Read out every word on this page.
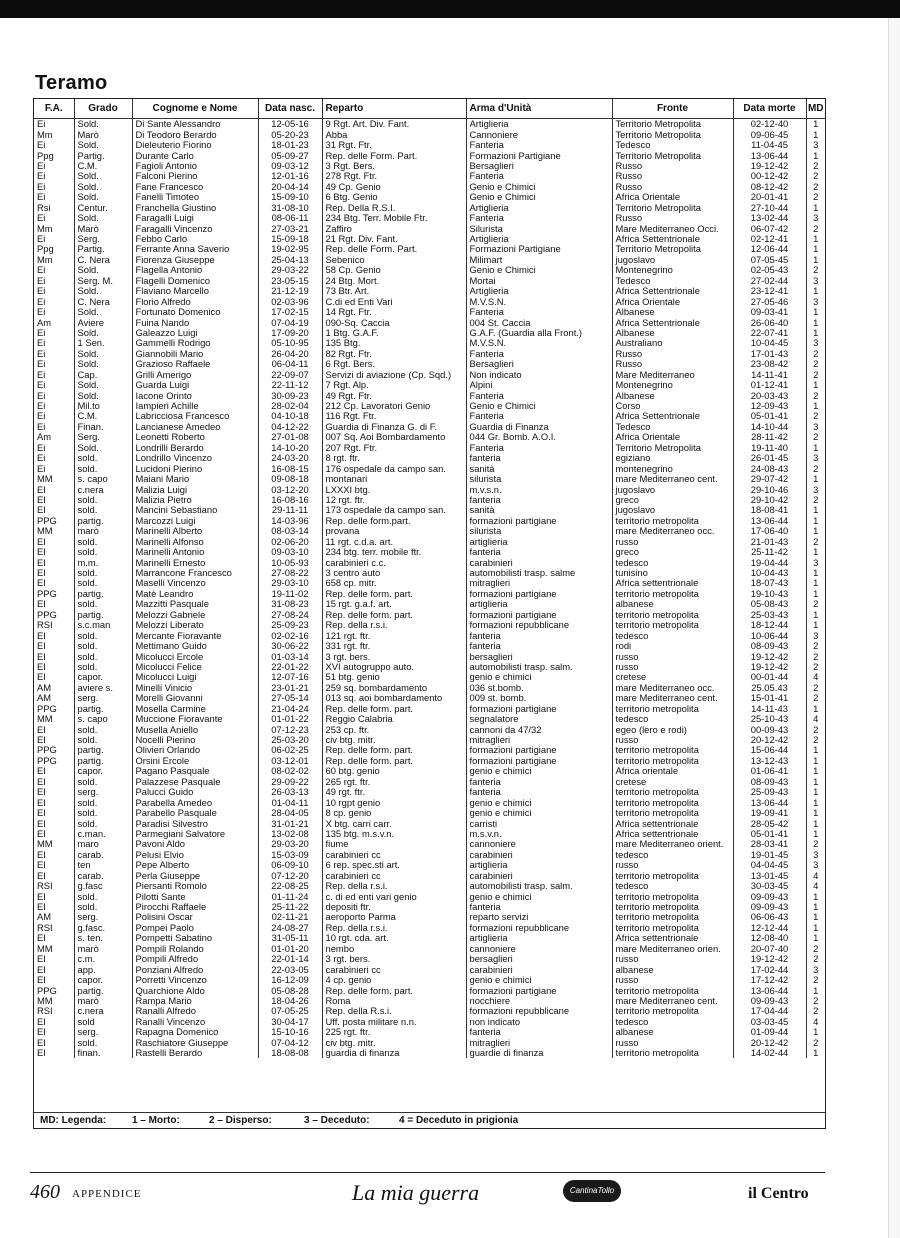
Teramo
F.A.	Grado	Cognome e Nome	Data nasc.	Reparto	Arma d'Unità	Fronte	Data morte	MD
Ei	Sold.	Di Sante Alessandro	12-05-16	9 Rgt. Art. Div. Fant.	Artiglieria	Territorio Metropolita	02-12-40	1
Mm	Marò	Di Teodoro Berardo	05-20-23	Abba	Cannoniere	Territorio Metropolita	09-06-45	1
Ei	Sold.	Dieleuterio Fiorino	18-01-23	31 Rgt. Ftr.	Fanteria	Tedesco	11-04-45	3
Ppg	Partig.	Durante Carlo	05-09-27	Rep. delle Form. Part.	Formazioni Partigiane	Territorio Metropolita	13-06-44	1
Ei	C.M.	Fagioli Antonio	09-03-12	3 Rgt. Bers.	Bersaglieri	Russo	19-12-42	2
Ei	Sold.	Falconi Pierino	12-01-16	278 Rgt. Ftr.	Fanteria	Russo	00-12-42	2
Ei	Sold.	Fane Francesco	20-04-14	49 Cp. Genio	Genio e Chimici	Russo	08-12-42	2
Ei	Sold.	Fanelli Timoteo	15-09-10	6 Btg. Genio	Genio e Chimici	Africa Orientale	20-01-41	2
Rsi	Centur.	Franchella Giustino	31-08-10	Rep. Della R.S.I.	Artiglieria	Territorio Metropolita	27-10-44	1
Ei	Sold.	Faragalli Luigi	08-06-11	234 Btg. Terr. Mobile Ftr.	Fanteria	Russo	13-02-44	3
Mm	Marò	Faragalli Vincenzo	27-03-21	Zaffiro	Silurista	Mare Mediterraneo Occi.	06-07-42	2
Ei	Serg.	Febbo Carlo	15-09-18	21 Rgt. Div. Fant.	Artiglieria	Africa Settentrionale	02-12-41	1
Ppg	Partig.	Ferrante Anna Saverio	19-02-95	Rep. delle Form. Part.	Formazioni Partigiane	Territorio Metropolita	12-06-44	1
Mm	C. Nera	Fiorenza Giuseppe	25-04-13	Sebenico	Milimart	jugoslavo	07-05-45	1
Ei	Sold.	Flagella Antonio	29-03-22	58 Cp. Genio	Genio e Chimici	Montenegrino	02-05-43	2
Ei	Serg. M.	Flagelli Domenico	23-05-15	24 Btg. Mort.	Mortai	Tedesco	27-02-44	3
Ei	Sold.	Flaviano Marcello	21-12-19	73 Btr. Art.	Artiglieria	Africa Settentrionale	23-12-41	1
Ei	C. Nera	Florio Alfredo	02-03-96	C.di ed Enti Vari	M.V.S.N.	Africa Orientale	27-05-46	3
Ei	Sold.	Fortunato Domenico	17-02-15	14 Rgt. Ftr.	Fanteria	Albanese	09-03-41	1
Am	Aviere	Fuina Nando	07-04-19	090-Sq. Caccia	004 St. Caccia	Africa Settentrionale	26-06-40	1
Ei	Sold.	Galeazzo Luigi	17-09-20	1 Btg. G.A.F.	G.A.F. (Guardia alla Front.)	Albanese	22-07-41	1
Ei	1 Sen.	Gammelli Rodrigo	05-10-95	135 Btg.	M.V.S.N.	Australiano	10-04-45	3
Ei	Sold.	Giannobili Mario	26-04-20	82 Rgt. Ftr.	Fanteria	Russo	17-01-43	2
Ei	Sold.	Grazioso Raffaele	06-04-11	6 Rgt. Bers.	Bersaglieri	Russo	23-08-42	2
Ei	Cap.	Grilli Amerigo	22-09-07	Servizi di aviazione (Cp. Sqd.)	Non indicato	Mare Mediterraneo	14-11-41	2
Ei	Sold.	Guarda Luigi	22-11-12	7 Rgt. Alp.	Alpini	Montenegrino	01-12-41	1
Ei	Sold.	Iacone Orinto	30-09-23	49 Rgt. Ftr.	Fanteria	Albanese	20-03-43	2
Ei	Mil.to	Iampieri Achille	28-02-04	212 Cp. Lavoratori Genio	Genio e Chimici	Corso	12-09-43	1
Ei	C.M.	Labricciosa Francesco	04-10-18	116 Rgt. Ftr.	Fanteria	Africa Settentrionale	05-01-41	2
Ei	Finan.	Lancianese Amedeo	04-12-22	Guardia di Finanza G. di F.	Guardia di Finanza	Tedesco	14-10-44	3
Am	Serg.	Leonetti Roberto	27-01-08	007 Sq. Aoi Bombardamento	044 Gr. Bomb. A.O.I.	Africa Orientale	28-11-42	2
Ei	Sold.	Londrilli Berardo	14-10-20	207 Rgt. Ftr.	Fanteria	Territorio Metropolita	19-11-40	1
Ei	sold.	Londrillo Vincenzo	24-03-20	8 rgt. ftr.	fanteria	egiziano	26-01-45	3
Ei	sold.	Lucidoni Pierino	16-08-15	176 ospedale da campo san.	sanità	montenegrino	24-08-43	2
MM	s. capo	Maiani Mario	09-08-18	montanari	silurista	mare Mediterraneo cent.	29-07-42	1
EI	c.nera	Malizia Luigi	03-12-20	LXXXI btg.	m.v.s.n.	jugoslavo	29-10-46	3
EI	sold.	Malizia Pietro	16-08-16	12 rgt. ftr.	fanteria	greco	29-10-42	2
EI	sold.	Mancini Sebastiano	29-11-11	173 ospedale da campo san.	sanità	jugoslavo	18-08-41	1
PPG	partig.	Marcozzi Luigi	14-03-96	Rep. delle form.part.	formazioni partigiane	territorio metropolita	13-06-44	1
MM	marò	Marinelli Alberto	08-03-14	provana	silurista	mare Mediterraneo occ.	17-06-40	1
EI	sold.	Marinelli Alfonso	02-06-20	11 rgt. c.d.a. art.	artiglieria	russo	21-01-43	2
EI	sold.	Marinelli Antonio	09-03-10	234 btg. terr. mobile ftr.	fanteria	greco	25-11-42	1
EI	m.m.	Marinelli Ernesto	10-05-93	carabinieri c.c.	carabinieri	tedesco	19-04-44	3
EI	sold.	Marrancone Francesco	27-08-22	3 centro auto	automobilisti trasp. salme	tunisino	10-04-43	1
EI	sold.	Maselli Vincenzo	29-03-10	658 cp. mitr.	mitraglieri	Africa settentrionale	18-07-43	1
PPG	partig.	Matè Leandro	19-11-02	Rep. delle form. part.	formazioni partigiane	territorio metropolita	19-10-43	1
EI	sold.	Mazzitti Pasquale	31-08-23	15 rgt. g.a.f. art.	artiglieria	albanese	05-08-43	2
PPG	partig.	Melozzi Gabriele	27-08-24	Rep. delle form. part.	formazioni partigiane	territorio metropolita	25-03-43	1
RSI	s.c.man	Melozzi Liberato	25-09-23	Rep. della r.s.i.	formazioni repubblicane	territorio metropolita	18-12-44	1
EI	sold.	Mercante Fioravante	02-02-16	121 rgt. ftr.	fanteria	tedesco	10-06-44	3
EI	sold.	Mettimano Guido	30-06-22	331 rgt. ftr.	fanteria	rodi	08-09-43	2
EI	sold.	Micolucci Ercole	01-03-14	3 rgt. bers.	bersaglieri	russo	19-12-42	2
EI	sold.	Micolucci Felice	22-01-22	XVI autogruppo auto.	automobilisti trasp. salm.	russo	19-12-42	2
EI	capor.	Micolucci Luigi	12-07-16	51 btg. genio	genio e chimici	cretese	00-01-44	4
AM	aviere s.	Minelli Vinicio	23-01-21	259 sq. bombardamento	036 st.bomb.	mare Mediterraneo occ.	25.05.43	2
AM	serg.	Morelli Giovanni	27-05-14	013 sq. aoi bombardamento	009 st. bomb.	mare Mediterraneo cent.	15-01-41	2
PPG	partig.	Mosella Carmine	21-04-24	Rep. delle form. part.	formazioni partigiane	territorio metropolita	14-11-43	1
MM	s. capo	Muccione Fioravante	01-01-22	Reggio Calabria	segnalatore	tedesco	25-10-43	4
EI	sold.	Musella Aniello	07-12-23	253 cp. ftr.	cannoni da 47/32	egeo (lero e rodi)	00-09-43	2
EI	sold.	Nocelli Pierino	25-03-20	civ btg. mitr.	mitraglieri	russo	20-12-42	2
PPG	partig.	Olivieri Orlando	06-02-25	Rep. delle form. part.	formazioni partigiane	territorio metropolita	15-06-44	1
PPG	partig.	Orsini Ercole	03-12-01	Rep. delle form. part.	formazioni partigiane	territorio metropolita	13-12-43	1
EI	capor.	Pagano Pasquale	08-02-02	60 btg. genio	genio e chimici	Africa orientale	01-06-41	1
EI	sold.	Palazzese Pasquale	29-09-22	265 rgt. ftr.	fanteria	cretese	08-09-43	1
EI	serg.	Palucci Guido	26-03-13	49 rgt. ftr.	fanteria	territorio metropolita	25-09-43	1
EI	sold.	Parabella Amedeo	01-04-11	10 rgpt genio	genio e chimici	territorio metropolita	13-06-44	1
EI	sold.	Parabello Pasquale	28-04-05	8 cp. genio	genio e chimici	territorio metropolita	19-09-41	1
EI	sold.	Paradisi Silvestro	31-01-21	X btg. carri carr.	carristi	Africa settentrionale	28-05-42	1
EI	c.man.	Parmegiani Salvatore	13-02-08	135 btg. m.s.v.n.	m.s.v.n.	Africa settentrionale	05-01-41	1
MM	maro	Pavoni Aldo	29-03-20	fiume	cannoniere	mare Mediterraneo orient.	28-03-41	2
EI	carab.	Pelusi Elvio	15-03-09	carabinieri cc	carabinieri	tedesco	19-01-45	3
EI	ten	Pepe Alberto	06-09-10	6 rep. spec.sti art.	artiglieria	russo	04-04-45	3
EI	carab.	Perla Giuseppe	07-12-20	carabinieri cc	carabinieri	territorio metropolita	13-01-45	4
RSI	g.fasc	Piersanti Romolo	22-08-25	Rep. della r.s.i.	automobilisti trasp. salm.	tedesco	30-03-45	4
EI	sold.	Pilotti Sante	01-11-24	c. di ed enti vari genio	genio e chimici	territorio metropolita	09-09-43	1
EI	sold.	Pirocchi Raffaele	25-11-22	depositi ftr.	fanteria	territorio metropolita	09-09-43	1
AM	serg.	Polisini Oscar	02-11-21	aeroporto Parma	reparto servizi	territorio metropolita	06-06-43	1
RSI	g.fasc.	Pompei Paolo	24-08-27	Rep. della r.s.i.	formazioni repubblicane	territorio metropolita	12-12-44	1
EI	s. ten.	Pompetti Sabatino	31-05-11	10 rgt. cda. art.	artiglieria	Africa settentrionale	12-08-40	1
MM	marò	Pompili Rolando	01-01-20	nembo	cannoniere	mare Mediterraneo orien.	20-07-40	2
EI	c.m.	Pompili Alfredo	22-01-14	3 rgt. bers.	bersaglieri	russo	19-12-42	2
EI	app.	Ponziani Alfredo	22-03-05	carabinieri cc	carabinieri	albanese	17-02-44	3
EI	capor.	Porretti Vincenzo	16-12-09	4 cp. genio	genio e chimici	russo	17-12-42	2
PPG	partig.	Quarchione Aldo	05-08-28	Rep. delle form. part.	formazioni partigiane	territorio metropolita	13-06-44	1
MM	marò	Rampa Mario	18-04-26	Roma	nocchiere	mare Mediterraneo cent.	09-09-43	2
RSI	c.nera	Ranalli Alfredo	07-05-25	Rep. della R.s.i.	formazioni repubblicane	territorio metropolita	17-04-44	2
EI	sold	Ranalli Vincenzo	30-04-17	Uff. posta militare n.n.	non indicato	tedesco	03-03-45	4
EI	serg.	Rapagna Domenico	15-10-16	225 rgt. ftr.	fanteria	albanese	01-09-44	1
EI	sold.	Raschiatore Giuseppe	07-04-12	civ btg. mitr.	mitraglieri	russo	20-12-42	2
EI	finan.	Rastelli Berardo	18-08-08	guardia di finanza	guardie di finanza	territorio metropolita	14-02-44	1
MD: Legenda:	1 – Morto:	2 – Disperso:	3 – Deceduto:	4 = Deceduto in prigionia
460 APPENDICE	La mia guerra	CantinaTollo	il Centro
